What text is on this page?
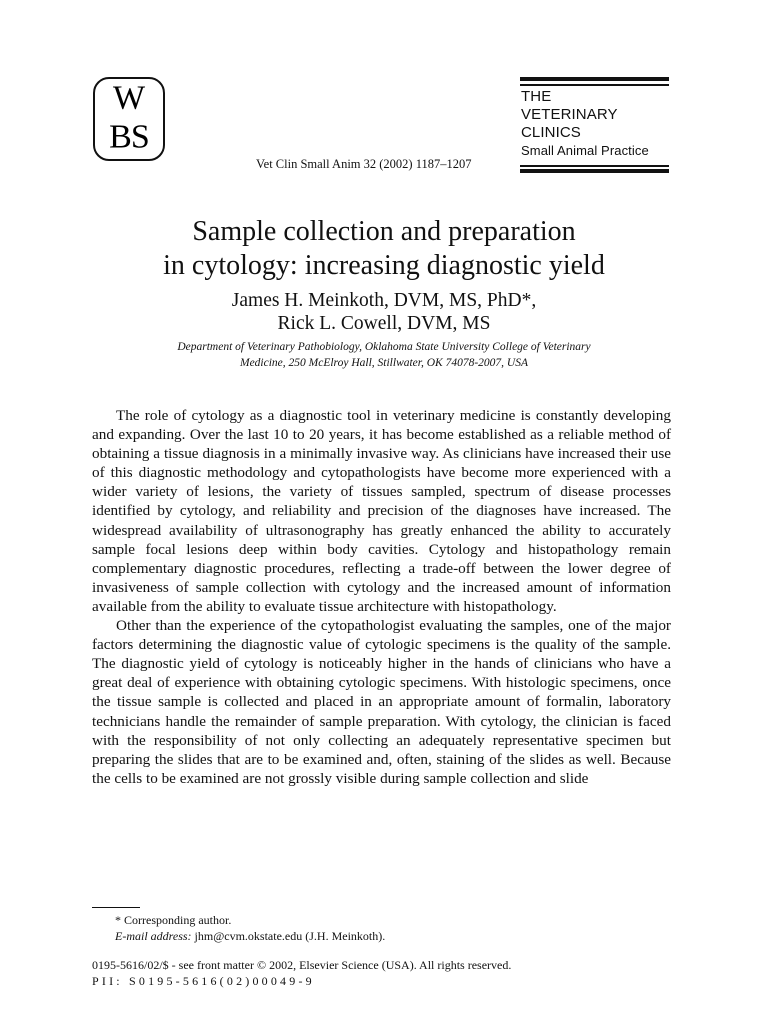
W
B S
THE
VETERINARY
CLINICS
Small Animal Practice
Vet Clin Small Anim 32 (2002) 1187–1207
Sample collection and preparation
in cytology: increasing diagnostic yield
James H. Meinkoth, DVM, MS, PhD*,
Rick L. Cowell, DVM, MS
Department of Veterinary Pathobiology, Oklahoma State University College of Veterinary
Medicine, 250 McElroy Hall, Stillwater, OK 74078-2007, USA

The role of cytology as a diagnostic tool in veterinary medicine is constantly developing and expanding. Over the last 10 to 20 years, it has become established as a reliable method of obtaining a tissue diagnosis in a minimally invasive way. As clinicians have increased their use of this diagnostic methodology and cytopathologists have become more experienced with a wider variety of lesions, the variety of tissues sampled, spectrum of disease processes identified by cytology, and reliability and precision of the diagnoses have increased. The widespread availability of ultrasonography has greatly enhanced the ability to accurately sample focal lesions deep within body cavities. Cytology and histopathology remain complementary diagnostic procedures, reflecting a trade-off between the lower degree of invasiveness of sample collection with cytology and the increased amount of information available from the ability to evaluate tissue architecture with histopathology.

Other than the experience of the cytopathologist evaluating the samples, one of the major factors determining the diagnostic value of cytologic specimens is the quality of the sample. The diagnostic yield of cytology is noticeably higher in the hands of clinicians who have a great deal of experience with obtaining cytologic specimens. With histologic specimens, once the tissue sample is collected and placed in an appropriate amount of formalin, laboratory technicians handle the remainder of sample preparation. With cytology, the clinician is faced with the responsibility of not only collecting an adequately representative specimen but preparing the slides that are to be examined and, often, staining of the slides as well. Because the cells to be examined are not grossly visible during sample collection and slide

* Corresponding author.
E-mail address: jhm@cvm.okstate.edu (J.H. Meinkoth).
0195-5616/02/$ - see front matter © 2002, Elsevier Science (USA). All rights reserved.
PII: S0195-5616(02)00049-9
